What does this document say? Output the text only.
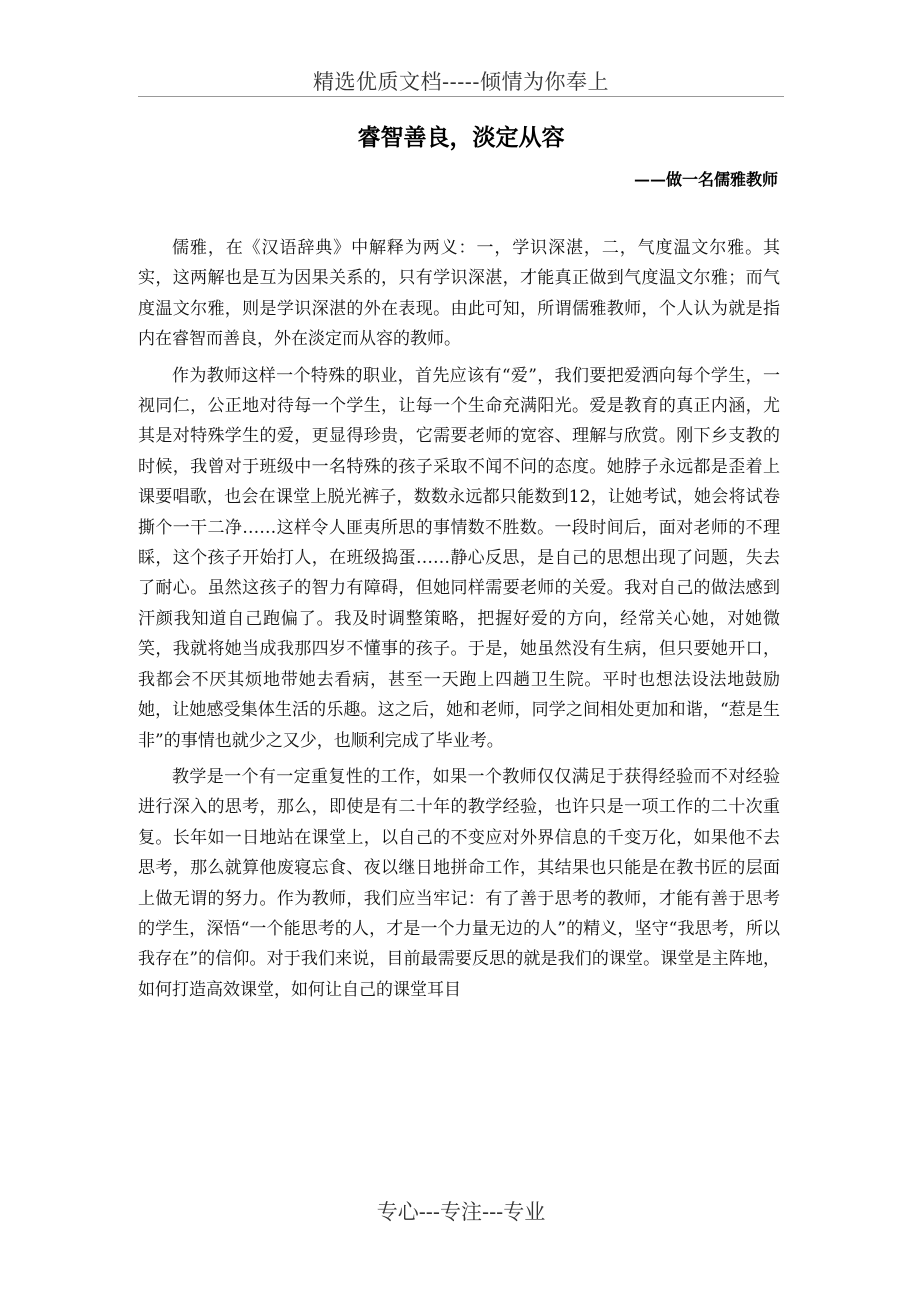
精选优质文档-----倾情为你奉上
睿智善良，淡定从容
——做一名儒雅教师

儒雅，在《汉语辞典》中解释为两义：一，学识深湛，二，气度温文尔雅。其实，这两解也是互为因果关系的，只有学识深湛，才能真正做到气度温文尔雅；而气度温文尔雅，则是学识深湛的外在表现。由此可知，所谓儒雅教师，个人认为就是指内在睿智而善良，外在淡定而从容的教师。

作为教师这样一个特殊的职业，首先应该有“爱”，我们要把爱洒向每个学生，一视同仁，公正地对待每一个学生，让每一个生命充满阳光。爱是教育的真正内涵，尤其是对特殊学生的爱，更显得珍贵，它需要老师的宽容、理解与欣赏。刚下乡支教的时候，我曾对于班级中一名特殊的孩子采取不闻不问的态度。她脖子永远都是歪着上课要唱歌，也会在课堂上脱光裤子，数数永远都只能数到12，让她考试，她会将试卷撕个一干二净……这样令人匪夷所思的事情数不胜数。一段时间后，面对老师的不理睬，这个孩子开始打人，在班级捣蛋……静心反思，是自己的思想出现了问题，失去了耐心。虽然这孩子的智力有障碍，但她同样需要老师的关爱。我对自己的做法感到汗颜我知道自己跑偏了。我及时调整策略，把握好爱的方向，经常关心她，对她微笑，我就将她当成我那四岁不懂事的孩子。于是，她虽然没有生病，但只要她开口，我都会不厌其烦地带她去看病，甚至一天跑上四趟卫生院。平时也想法设法地鼓励她，让她感受集体生活的乐趣。这之后，她和老师，同学之间相处更加和谐，“惹是生非”的事情也就少之又少，也顺利完成了毕业考。

教学是一个有一定重复性的工作，如果一个教师仅仅满足于获得经验而不对经验进行深入的思考，那么，即使是有二十年的教学经验，也许只是一项工作的二十次重复。长年如一日地站在课堂上，以自己的不变应对外界信息的千变万化，如果他不去思考，那么就算他废寝忘食、夜以继日地拼命工作，其结果也只能是在教书匠的层面上做无谓的努力。作为教师，我们应当牢记：有了善于思考的教师，才能有善于思考的学生，深悟“一个能思考的人，才是一个力量无边的人”的精义，坚守“我思考，所以我存在”的信仰。对于我们来说，目前最需要反思的就是我们的课堂。课堂是主阵地，如何打造高效课堂，如何让自己的课堂耳目

专心---专注---专业
